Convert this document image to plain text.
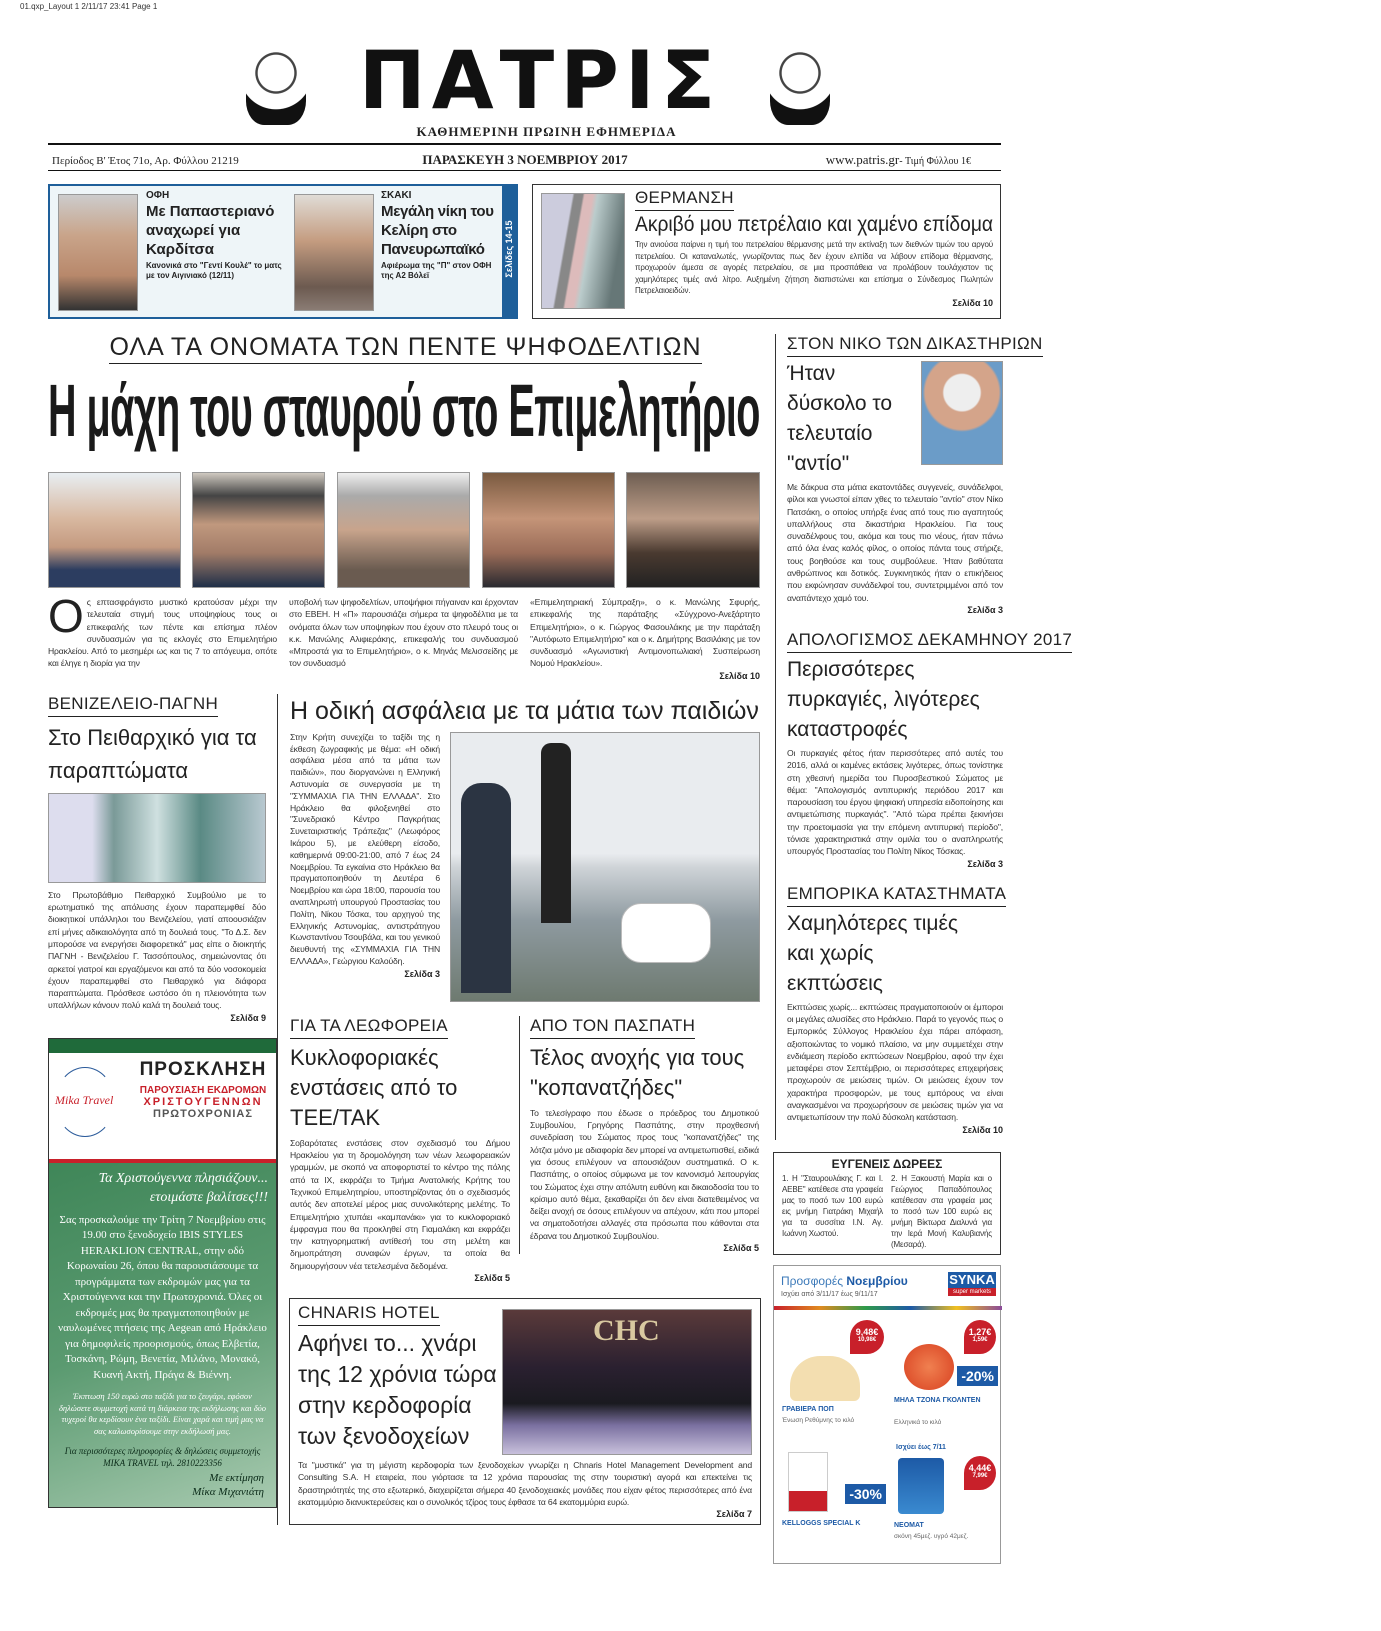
01.qxp_Layout 1 2/11/17 23:41 Page 1
ΠΑΤΡΙΣ
ΚΑΘΗΜΕΡΙΝΗ ΠΡΩΙΝΗ ΕΦΗΜΕΡΙΔΑ
Περίοδος Β' Έτος 71ο, Αρ. Φύλλου 21219	ΠΑΡΑΣΚΕΥΗ 3 ΝΟΕΜΒΡΙΟΥ 2017	www.patris.gr- Τιμή Φύλλου 1€
ΟΦΗ
Με Παπαστεριανό αναχωρεί για Καρδίτσα
Κανονικά στο "Γεντί Κουλέ" το ματς με τον Αιγινιακό (12/11)
ΣΚΑΚΙ
Μεγάλη νίκη του Κελίρη στο Πανευρωπαϊκό
Αφιέρωμα της "Π" στον ΟΦΗ της Α2 Βόλεϊ	Σελίδες 14-15
ΘΕΡΜΑΝΣΗ
Ακριβό μου πετρέλαιο και χαμένο επίδομα
Την ανιούσα παίρνει η τιμή του πετρελαίου θέρμανσης μετά την εκτίναξη των διεθνών τιμών του αργού πετρελαίου. Οι καταναλωτές, γνωρίζοντας πως δεν έχουν ελπίδα να λάβουν επίδομα θέρμανσης, προχωρούν άμεσα σε αγορές πετρελαίου, σε μια προσπάθεια να προλάβουν τουλάχιστον τις χαμηλότερες τιμές ανά λίτρο. Αυξημένη ζήτηση διαπιστώνει και επίσημα ο Σύνδεσμος Πωλητών Πετρελαιοειδών.
Σελίδα 10
ΟΛΑ ΤΑ ΟΝΟΜΑΤΑ ΤΩΝ ΠΕΝΤΕ ΨΗΦΟΔΕΛΤΙΩΝ
Η μάχη του σταυρού στο Επιμελητήριο
Ο ς επτασφράγιστο μυστικό κρατούσαν μέχρι την τελευταία στιγμή τους υποψηφίους τους οι επικεφαλής των πέντε και επίσημα πλέον συνδυασμών για τις εκλογές στο Επιμελητήριο Ηρακλείου. Από το μεσημέρι ως και τις 7 το απόγευμα, οπότε και έληγε η διορία για την
υποβολή των ψηφοδελτίων, υποψήφιοι πήγαιναν και έρχονταν στο ΕΒΕΗ. Η «Π» παρουσιάζει σήμερα τα ψηφοδέλτια με τα ονόματα όλων των υποψηφίων που έχουν στο πλευρό τους οι κ.κ. Μανώλης Αλιφιεράκης, επικεφαλής του συνδυασμού «Μπροστά για το Επιμελητήριο», ο κ. Μηνάς Μελισσείδης με τον συνδυασμό
«Επιμελητηριακή Σύμπραξη», ο κ. Μανώλης Σφυρής, επικεφαλής της παράταξης «Σύγχρονο-Ανεξάρτητο Επιμελητήριο», ο κ. Γιώργος Φασουλάκης με την παράταξη "Αυτόφωτο Επιμελητήριο" και ο κ. Δημήτρης Βασιλάκης με τον συνδυασμό «Αγωνιστική Αντιμονοπωλιακή Συσπείρωση Νομού Ηρακλείου».
Σελίδα 10
ΒΕΝΙΖΕΛΕΙΟ-ΠΑΓΝΗ
Στο Πειθαρχικό για τα παραπτώματα
Στο Πρωτοβάθμιο Πειθαρχικό Συμβούλιο με το ερωτηματικό της απόλυσης έχουν παραπεμφθεί δύο διοικητικοί υπάλληλοι του Βενιζελείου, γιατί αποουσιάζαν επί μήνες αδικαιολόγητα από τη δουλειά τους. "Το Δ.Σ. δεν μπορούσε να ενεργήσει διαφορετικά" μας είπε ο διοικητής ΠΑΓΝΗ - Βενιζελείου Γ. Τασσόπουλος, σημειώνοντας ότι αρκετοί γιατροί και εργαζόμενοι και από τα δύο νοσοκομεία έχουν παραπεμφθεί στο Πειθαρχικό για διάφορα παραπτώματα. Πρόσθεσε ωστόσο ότι η πλειονότητα των υπαλλήλων κάνουν πολύ καλά τη δουλειά τους.
Σελίδα 9
Mika Travel
ΠΡΟΣΚΛΗΣΗ
ΠΑΡΟΥΣΙΑΣΗ ΕΚΔΡΟΜΩΝ
ΧΡΙΣΤΟΥΓΕΝΝΩΝ
ΠΡΩΤΟΧΡΟΝΙΑΣ
Τα Χριστούγεννα πλησιάζουν... ετοιμάστε βαλίτσες!!!
Σας προσκαλούμε την Τρίτη 7 Νοεμβρίου στις 19.00 στο ξενοδοχείο IBIS STYLES HERAKLION CENTRAL, στην οδό Κορωναίου 26, όπου θα παρουσιάσουμε τα προγράμματα των εκδρομών μας για τα Χριστούγεννα και την Πρωτοχρονιά. Όλες οι εκδρομές μας θα πραγματοποιηθούν με ναυλωμένες πτήσεις της Aegean από Ηράκλειο για δημοφιλείς προορισμούς, όπως Ελβετία, Τοσκάνη, Ρώμη, Βενετία, Μιλάνο, Μονακό, Κυανή Ακτή, Πράγα & Βιέννη.
Έκπτωση 150 ευρώ στο ταξίδι για το ζευγάρι, εφόσον δηλώσετε συμμετοχή κατά τη διάρκεια της εκδήλωσης και δύο τυχεροί θα κερδίσουν ένα ταξίδι. Είναι χαρά και τιμή μας να σας καλωσορίσουμε στην εκδήλωσή μας.
Για περισσότερες πληροφορίες & δηλώσεις συμμετοχής MIKA TRAVEL τηλ. 2810223356
Με εκτίμηση
Μίκα Μιχανιάτη
Η οδική ασφάλεια με τα μάτια των παιδιών
Στην Κρήτη συνεχίζει το ταξίδι της η έκθεση ζωγραφικής με θέμα: «Η οδική ασφάλεια μέσα από τα μάτια των παιδιών», που διοργανώνει η Ελληνική Αστυνομία σε συνεργασία με τη "ΣΥΜΜΑΧΙΑ ΓΙΑ ΤΗΝ ΕΛΛΑΔΑ". Στο Ηράκλειο θα φιλοξενηθεί στο "Συνεδριακό Κέντρο Παγκρήτιας Συνεταιριστικής Τράπεζας" (Λεωφόρος Ικάρου 5), με ελεύθερη είσοδο, καθημερινά 09:00-21:00, από 7 έως 24 Νοεμβρίου. Τα εγκαίνια στο Ηράκλειο θα πραγματοποιηθούν τη Δευτέρα 6 Νοεμβρίου και ώρα 18:00, παρουσία του αναπληρωτή υπουργού Προστασίας του Πολίτη, Νίκου Τόσκα, του αρχηγού της Ελληνικής Αστυνομίας, αντιστράτηγου Κωνσταντίνου Τσουβάλα, και του γενικού διευθυντή της «ΣΥΜΜΑΧΙΑ ΓΙΑ ΤΗΝ ΕΛΛΑΔΑ», Γεώργιου Καλούδη.
Σελίδα 3
ΓΙΑ ΤΑ ΛΕΩΦΟΡΕΙΑ
Κυκλοφοριακές ενστάσεις από το ΤΕΕ/ΤΑΚ
Σοβαρότατες ενστάσεις στον σχεδιασμό του Δήμου Ηρακλείου για τη δρομολόγηση των νέων λεωφορειακών γραμμών, με σκοπό να αποφορτιστεί το κέντρο της πόλης από τα ΙΧ, εκφράζει το Τμήμα Ανατολικής Κρήτης του Τεχνικού Επιμελητηρίου, υποστηρίζοντας ότι ο σχεδιασμός αυτός δεν αποτελεί μέρος μιας συνολικότερης μελέτης. Το Επιμελητήριο χτυπάει «καμπανάκι» για το κυκλοφοριακό έμφραγμα που θα προκληθεί στη Γιαμαλάκη και εκφράζει την κατηγορηματική αντίθεσή του στη μελέτη και δημοπράτηση συναφών έργων, τα οποία θα δημιουργήσουν νέα τετελεσμένα δεδομένα.
Σελίδα 5
ΑΠΟ ΤΟΝ ΠΑΣΠΑΤΗ
Τέλος ανοχής για τους "κοπανατζήδες"
Το τελεσίγραφο που έδωσε ο πρόεδρος του Δημοτικού Συμβουλίου, Γρηγόρης Πασπάτης, στην προχθεσινή συνεδρίαση του Σώματος προς τους "κοπανατζήδες" της λότζια μόνο με αδιαφορία δεν μπορεί να αντιμετωπισθεί, ειδικά για όσους επιλέγουν να απουσιάζουν συστηματικά. Ο κ. Πασπάτης, ο οποίος σύμφωνα με τον κανονισμό λειτουργίας του Σώματος έχει στην απόλυτη ευθύνη και δικαιοδοσία του το κρίσιμο αυτό θέμα, ξεκαθαρίζει ότι δεν είναι διατεθειμένος να δείξει ανοχή σε όσους επιλέγουν να απέχουν, κάτι που μπορεί να σηματοδοτήσει αλλαγές στα πρόσωπα που κάθονται στα έδρανα του Δημοτικού Συμβουλίου.
Σελίδα 5
CHNARIS HOTEL
Αφήνει το... χνάρι της 12 χρόνια τώρα στην κερδοφορία των ξενοδοχείων
CHC
Τα "μυστικά" για τη μέγιστη κερδοφορία των ξενοδοχείων γνωρίζει η Chnaris Hotel Management Development and Consulting S.A. Η εταιρεία, που γιόρτασε τα 12 χρόνια παρουσίας της στην τουριστική αγορά και επεκτείνει τις δραστηριότητές της στο εξωτερικό, διαχειρίζεται σήμερα 40 ξενοδοχειακές μονάδες που είχαν φέτος περισσότερες από ένα εκατομμύριο διανυκτερεύσεις και ο συνολικός τζίρος τους έφθασε τα 64 εκατομμύρια ευρώ.
Σελίδα 7
ΣΤΟΝ ΝΙΚΟ ΤΩΝ ΔΙΚΑΣΤΗΡΙΩΝ
Ήταν δύσκολο το τελευταίο "αντίο"
Με δάκρυα στα μάτια εκατοντάδες συγγενείς, συνάδελφοι, φίλοι και γνωστοί είπαν χθες το τελευταίο "αντίο" στον Νίκο Πατσάκη, ο οποίος υπήρξε ένας από τους πιο αγαπητούς υπαλλήλους στα δικαστήρια Ηρακλείου. Για τους συναδέλφους του, ακόμα και τους πιο νέους, ήταν πάνω από όλα ένας καλός φίλος, ο οποίος πάντα τους στήριζε, τους βοηθούσε και τους συμβούλευε. Ήταν βαθύτατα ανθρώπινος και δοτικός. Συγκινητικός ήταν ο επικήδειος που εκφώνησαν συνάδελφοί του, συντετριμμένοι από τον αναπάντεχο χαμό του.
Σελίδα 3
ΑΠΟΛΟΓΙΣΜΟΣ ΔΕΚΑΜΗΝΟΥ 2017
Περισσότερες πυρκαγιές, λιγότερες καταστροφές
Οι πυρκαγιές φέτος ήταν περισσότερες από αυτές του 2016, αλλά οι καμένες εκτάσεις λιγότερες, όπως τονίστηκε στη χθεσινή ημερίδα του Πυροσβεστικού Σώματος με θέμα: "Απολογισμός αντιπυρικής περιόδου 2017 και παρουσίαση του έργου ψηφιακή υπηρεσία ειδοποίησης και αντιμετώπισης πυρκαγιάς". "Από τώρα πρέπει ξεκινήσει την προετοιμασία για την επόμενη αντιπυρική περίοδο", τόνισε χαρακτηριστικά στην ομιλία του ο αναπληρωτής υπουργός Προστασίας του Πολίτη Νίκος Τόσκας.
Σελίδα 3
ΕΜΠΟΡΙΚΑ ΚΑΤΑΣΤΗΜΑΤΑ
Χαμηλότερες τιμές και χωρίς εκπτώσεις
Εκπτώσεις χωρίς... εκπτώσεις πραγματοποιούν οι έμποροι οι μεγάλες αλυσίδες στο Ηράκλειο. Παρά το γεγονός πως ο Εμπορικός Σύλλογος Ηρακλείου έχει πάρει απόφαση, αξιοποιώντας το νομικό πλαίσιο, να μην συμμετέχει στην ενδιάμεση περίοδο εκπτώσεων Νοεμβρίου, αφού την έχει μεταφέρει στον Σεπτέμβριο, οι περισσότερες επιχειρήσεις προχωρούν σε μειώσεις τιμών. Οι μειώσεις έχουν τον χαρακτήρα προσφορών, με τους εμπόρους να είναι αναγκασμένοι να προχωρήσουν σε μειώσεις τιμών για να αντιμετωπίσουν την πολύ δύσκολη κατάσταση.
Σελίδα 10
ΕΥΓΕΝΕΙΣ ΔΩΡΕΕΣ
1. Η "Σταυρουλάκης Γ. και Ι. ΑΕΒΕ" κατέθεσε στα γραφεία μας το ποσό των 100 ευρώ εις μνήμη Γιατράκη Μιχαήλ για τα συσσίτια Ι.Ν. Αγ. Ιωάννη Χωστού.
2. Η Ξακουστή Μαρία και ο Γεώργιος Παπαδόπουλος κατέθεσαν στα γραφεία μας το ποσό των 100 ευρώ εις μνήμη Βίκτωρα Διαλυνά για την Ιερά Μονή Καλυβιανής (Μεσαρά).
Προσφορές Νοεμβρίου
Ισχύει από 3/11/17 έως 9/11/17
SYNKA
super markets
9,48€
10,98€
ΓΡΑΒΙΕΡΑ ΠΟΠ
Ένωση Ρεθύμνης το κιλό
1,27€
1,59€
-20%
ΜΗΛΑ ΤΖΟΝΑ ΓΚΟΛΝΤΕΝ
Ελληνικά το κιλό
-30%
KELLOGGS SPECIAL K
Ισχύει έως 7/11
4,44€
7,99€
NEOMAT
σκόνη 45μεζ. υγρό 42μεζ.
